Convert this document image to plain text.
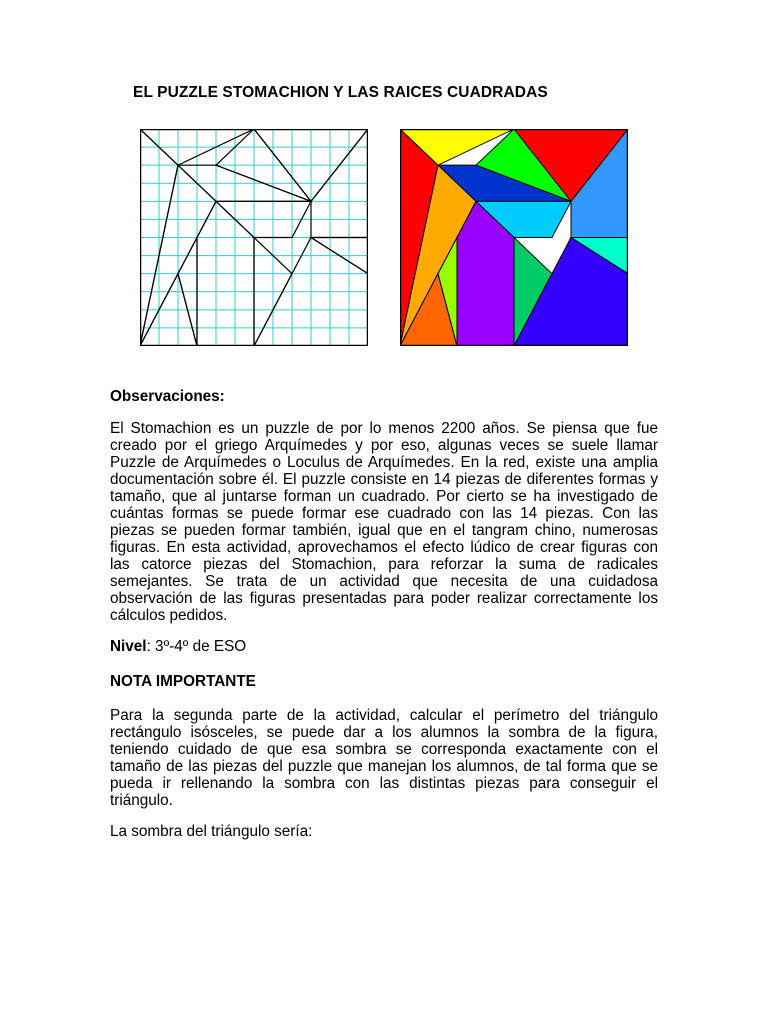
EL PUZZLE STOMACHION Y LAS RAICES CUADRADAS
Observaciones:

El Stomachion es un puzzle de por lo menos 2200 años. Se piensa que fue creado por el griego Arquímedes y por eso, algunas veces se suele llamar Puzzle de Arquímedes o Loculus de Arquímedes. En la red, existe una amplia documentación sobre él. El puzzle consiste en 14 piezas de diferentes formas y tamaño, que al juntarse forman un cuadrado. Por cierto se ha investigado de cuántas formas se puede formar ese cuadrado con las 14 piezas. Con las piezas se pueden formar también, igual que en el tangram chino, numerosas figuras. En esta actividad, aprovechamos el efecto lúdico de crear figuras con las catorce piezas del Stomachion, para reforzar la suma de radicales semejantes. Se trata de un actividad que necesita de una cuidadosa observación de las figuras presentadas para poder realizar correctamente los cálculos pedidos.

Nivel: 3º-4º de ESO
NOTA IMPORTANTE

Para la segunda parte de la actividad, calcular el perímetro del triángulo rectángulo isósceles, se puede dar a los alumnos la sombra de la figura, teniendo cuidado de que esa sombra se corresponda exactamente con el tamaño de las piezas del puzzle que manejan los alumnos, de tal forma que se pueda ir rellenando la sombra con las distintas piezas para conseguir el triángulo.

La sombra del triángulo sería:
